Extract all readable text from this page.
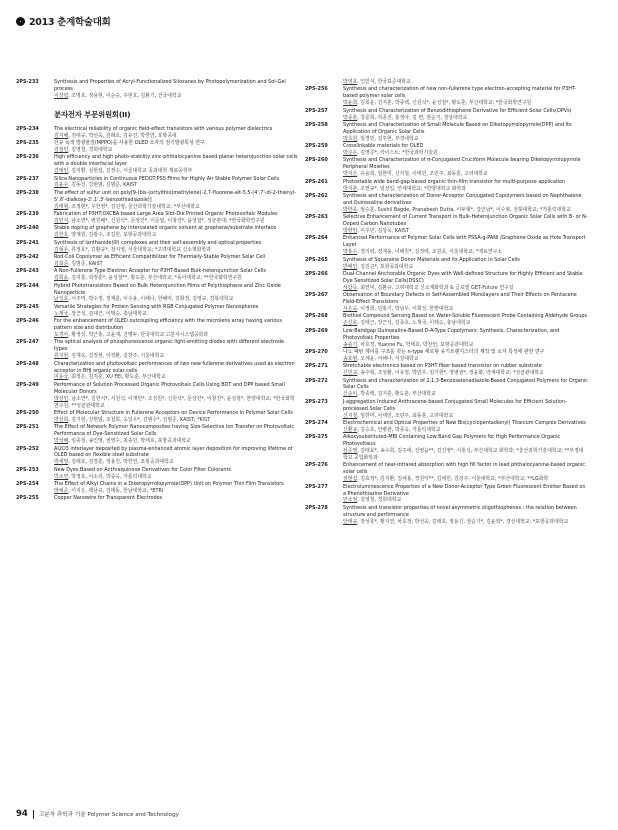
2013 춘계학술대회
2PS-233	Synthesis and Properties of Acryl-Functionalized Siloxanes by Photopolymerization and Sol-Gel process
이상엽, 조명호, 정용현, 이순승, 주현호, 김환기, 건국대학교
분자전자 부문위원회(II)
2PS-234	The electrical reliability of organic field-effect transistors with various polymer dielectrics
김지혜, 전태규, 박선욱, 김래호, 김유진, 박한연, 포항공대
2PS-235	신규 녹색 발광물질(MPPO)을 사용한 OLED 소자의 전기발광특성 연구
김철민, 김영철, 경희대학교
2PS-236	High efficiency and high photo-stability zinc-phthalocyanine based planar heterojunction solar cells with a double interfacial layer
김태민, 김지환, 심현섭, 김정수, 서울대학교 공과대학 재료공학부
2PS-237	Silica Nanoparticles in Continuous PEDOT:PSS Films for Highly Air Stable Polymer Solar Cells
김윤수, 김동진, 강현범, 김범준, KAIST
2PS-238	The effect of sulfur unit on poly[9-(bis-(octylthio)methylene)-2,7-fluorene-alt-5,5-(4',7'-di-2-thienyl-5',6'-dialkoxy-2',1',3'-benzothiadiazole)]
김태형, 조정현*, 우한영*, 김진영, 울산과학기술대학교; *부산대학교
2PS-239	Fabrication of P3HT:OXCBA based Large Area Slot-Die Printed Organic Photovoltaic Modules
김민식, 남소연*, 변원배*, 신원석*, 문상진*, 이준엽, 이창진*, 윤성철*, 성균관대; *한국화학연구원
2PS-240	Stable doping of graphene by intercalated organic solvent at graphene/substrate interface
김한호, 양재원, 김광수, 조길원, 포항공과대학교
2PS-241	Synthesis of lanthanide(III) complexes and their self-assembly and optical properties
김형우, 류정호*, 김환규*, 장지영, 서울대학교; *고려대학교 신소재화학과
2PS-242	Rod-Coil Copolymer as Efficient Compatibilizer for Thermally-Stable Polymer Solar Cell
김희준, 김범준, KAIST
2PS-243	A Non-Fullerene Type Electron Acceptor for P3HT-Based Bulk-heterojunction Solar Cells
김희윤, 김지훈, 곽정훈*, 윤성철**, 황도훈, 부산대학교; *동아대학교; **한국화학연구원
2PS-244	Hybrid Phototransistors Based on Bulk Heterojunction Films of Polythiophene and Zinc Oxide Nanoparticle
남성호, 서주역, 박수정, 정재훈, 이수용, 이해나, 한혜미, 김화정, 김영규, 경북대학교
2PS-245	Versatile Strategies for Protein Sensing with RGB Conjugated Polymer Nanospheres
노재국, 장근석, 김대근, 이택승, 충남대학교
2PS-246	For the enhancement of OLED outcoupling efficiency with the microlens array having various pattern size and distribution
도경아, 황정석, 박근홍, 고윤재, 진병두, 단국대학교 고분자시스템공학과
2PS-247	The optical analysis of phosphorescence organic light-emitting diodes with different electrode types
류지현, 김재욱, 김정현, 이정환, 김장주, 서울대학교
2PS-248	Characterization and photovoltaic performances of two new fullerene derivatives used as electron acceptor in BHJ organic solar cells
미동국, 최정은, 김지훈, XU FEI, 황도훈, 부산대학교
2PS-249	Performance of Solution Processed Organic Photovoltaic Cells Using BDT and DPP based Small Molecular Donors
박상민, 남소연*, 김한서*, 서원석, 이재민*, 조성원*, 신원석*, 문상진*, 이창진*, 윤성철*, 한양대학교; *한국화학연구원; **성균관대학교
2PS-250	Effect of Molecular Structure in Fullerene Acceptors on Device Performance in Polymer Solar Cells
박선희, 김기현, 강현범, 조철희, 옥일우*, 김범수*, 김범준, KAIST; *KIST
2PS-251	The Effect of Network Polymer Nanocomposites having Size-Selective Ion Transfer on Photovoltaic Performance of Dye-Sensitized Solar Cells
박성혜, 임종철, 송인영, 권영수, 최종민, 박태호, 포항공과대학교
2PS-252	Al2O3 interlayer deposited by plasma-enhanced atomic layer deposition for improving lifetime of OLED based on flexible steel substrate
박세영, 김래호, 김경훈, 정용진, 박한연, 포항공과대학교
2PS-253	New Dyes Based on Anthraquinone Derivatives for Color Filter Colorants
박소연, 박정호, 이소리, 박종옥, 가톨릭대학교
2PS-254	The Effect of Alkyl Chains in a Diketopyrrolopyrrole(DPP) Unit on Polymer Thin Film Transistors
박예준, 이지은, 백남규, 김태동, 한남대학교; *ETRI
2PS-255	Copper Nanowire for Transparent Electrodes
박영호, 인민식, 한국표준대학교
2PS-256	Synthesis and characterization of new non-fullerene type electron-accepting material for P3HT-based polymer solar cells
박윤희, 김희윤, 김지훈, 박종백, 신원석*, 윤성철*, 황도훈, 부산대학교; *한국화학연구원
2PS-257	Synthesis and Characterization of Benzodithiophene Derivative for Efficient Solar Cells(OPVs)
박종훈, 강문희, 허종진, 홍정아, 김 련, 권순기, 경상대학교
2PS-258	Synthesis and Characterization of Small Molecule Based on Diketopyrrolopyrrole(DPP) and Its Application of Organic Solar Cells
박초원, 임경민, 김주현, 부경대학교
2PS-259	Crosslinkable materials for OLED
박준우, 김영준*, 카이스트; *한국과학기술원
2PS-260	Synthesis and Characterization of π-Conjugated Cruciform Molecule bearing Diketopyrrolopyrrole Peripheral Moieties
박지은, 유용희, 임한미, 신지철, 이태민, 조민주, 최동훈, 고려대학교
2PS-261	Photostable wide band-gap based organic thin-film transistor for multi-purpose application
박지훈, 조헌규*, 임상일, 연세대학교; *한양대학교 화학과
2PS-262	Synthesis and characterization of Donor-Acceptor Conjugated Copolymers based on Naphthalene and Quinoxaline derivatives
박한욱, 엄승훈, Sushil Bagde, Pranabesh Dutta, 이두형*, 강인남*, 이수형, 전북대학교; *가톨릭대학교
2PS-263	Selective Enhancement of Current Transport in Bulk-Heterojunction Organic Solar Cells with B- or N-Doped Carbon Nanotubes
박향임, 이주민, 김상욱, KAIST
2PS-264	Enhanced Performance of Polymer Solar Cells with PSSA-g-PANI /Graphene Oxide as Hole Transport Layer
박홍수, 정의력, 정재용, 이해원*, 김경태, 조원호, 서울대학교; *재료연구소
2PS-265	Synthesis of Squaraine Donor Materials and its Application in Solar Cells
반배민, 김진곤*, 포항공과대학교
2PS-266	Dual-Channel Anchorable Organic Dyes with Well-defined Structure for Highly Efficient and Stable Dye Sensitized Solar Cells(DSSC)
서갑득, 최언덕, 김환규, 고려대학교 신소재화학과 & 글로벌 GET-Future 연구실
2PS-267	Observation of Boundary Defects in Self-Assembled Monolayers and Their Effects on Pentacene Field-Effect Transistors
서은숙, 이정희, 민홍기, 박남우, 이희성, 한밭대학교
2PS-268	Biothiol Compound Sensing Based on Water-Soluble Fluorescent Probe Containing Aldehyde Groups
손신호, 김태근, 장근석, 김종호, 노재국, 이택승, 충남대학교
2PS-269	Low-Bandgap Quinoxaline-Based D-A-Type Copolymers: Synthesis, Characterization, and Photovoltaic Properties
송솔기, 차호정, Yuanne Fu, 박태호, 박찬언, 포항공과대학교
2PS-270	나노 패턴 제어를 구조를 갖는 n-type 세로형 유기트랜지스터의 제작 및 소자 특성에 관한 연구
송호범, 오세윤, 이해나, 서강대학교
2PS-271	Stretchable electronics based on P3HT fiber based transistor on rubber substrate
신민교, 송주혁, 조성환, 이유정, 박민우, 임기현*, 정병권*, 정윤화, 연세대학교; *성균관대학교
2PS-272	Synthesis and characterization of 2,1,3-Benzoselenadiazole-Based Conjugated Polymers for Organic Solar Cells
신순이, 박종백, 김지훈, 황도훈, 부산대학교
2PS-273	J-aggregation Induced Anthracene-based Conjugated Small Molecules for Efficient Solution-processed Solar Cells
신지철, 임한미, 이태민, 조민주, 최동훈, 고려대학교
2PS-274	Electrochemical and Optical Properties of New Bis(cyclopentadienyl) Titanium Complex Derivatives
신환규, 김승호, 안병관, 박종옥, 가톨릭대학교
2PS-275	Alkoxysubstituted-MBI Containing Low Band Gap Polymers for High Performance Organic Photovoltaics
심준영, 김태효*, 송수희, 김주애, 진영읍**, 김진영*, 서홍석, 부산대학교 화학과; *울산과학기술대학교; **부경대학교 공업화학과
2PS-276	Enhancement of near-infrared absorption with high fill factor in lead phthalocyanine-based organic solar cells
심현섭, 김효정*, 김지환, 김세용, 정원익**, 김태민, 김장주, 서울대학교; *부산대학교; **LG화학
2PS-277	Electroluminescence Properties of a New Donor-Acceptor Type Green Fluorescent Emitter Based on a Phenothiazine Derivative
안소영, 김영철, 경희대학교
2PS-278	Synthesis and transistor properties of novel asymmetric oligothiophenes : the relation between structure and performance
안태규, 장성훈*, 황지연, 차호정, 박선욱, 김래호, 정용진, 권순기*, 김윤희*, 경상대학교; *포항공과대학교
94 고분자 과학과 기술 Polymer Science and Technology
